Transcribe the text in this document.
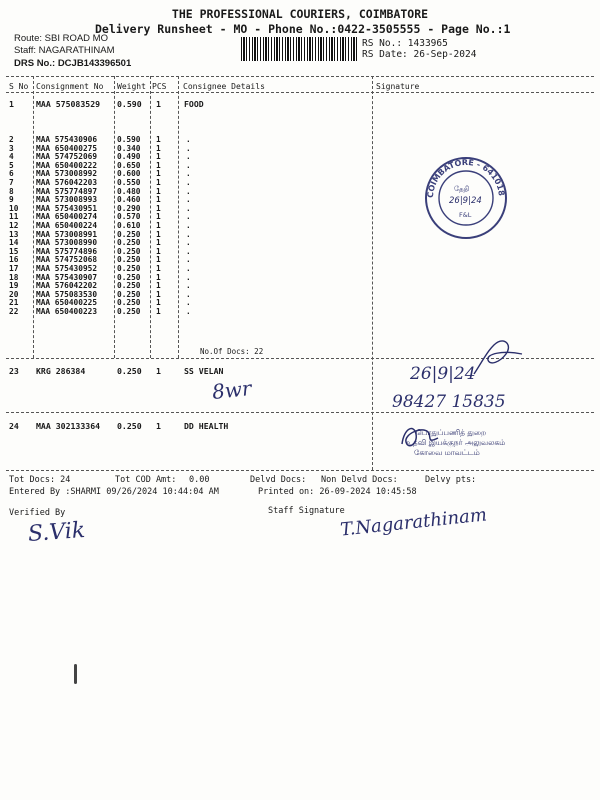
THE PROFESSIONAL COURIERS, COIMBATORE
Delivery Runsheet - MO - Phone No.:0422-3505555 - Page No.:1
Route: SBI ROAD MO
Staff: NAGARATHINAM
DRS No.: DCJB143396501
RS No.: 1433965
RS Date: 26-Sep-2024
S No Consignment No Weight PCS Consignee Details	Signature
1	MAA 575083529 0.590 1	FOOD
2	MAA 575430906	0.590 1	.
3	MAA 650400275	0.340 1	.
4	MAA 574752069	0.490 1	.
5	MAA 650400222	0.650 1	.
6	MAA 573008992	0.600 1	.
7	MAA 576042203	0.550 1	.
8	MAA 575774897	0.480 1	.
9	MAA 573008993	0.460 1	.
10 MAA 575430951	0.290 1	.
11 MAA 650400274	0.570 1	.
12 MAA 650400224	0.610 1	.
13 MAA 573008991	0.250 1	.
14 MAA 573008990	0.250 1	.
15 MAA 575774896	0.250 1	.
16 MAA 574752068	0.250 1	.
17 MAA 575430952	0.250 1	.
18 MAA 575430907	0.250 1	.
19 MAA 576042202	0.250 1	.
20 MAA 575083530	0.250 1	.
21 MAA 650400225	0.250 1	.
22 MAA 650400223	0.250 1	.
No.Of Docs: 22
COIMBATORE - 641018
தேதி
26|9|24
F&L
23 KRG 286384	0.250 1	SS VELAN
8wr
26|9|24
98427 15835
24 MAA 302133364 0.250 1	DD HEALTH
பொதுப்பணித் துறை
உதவி இயக்குநர் அலுவலகம்
கோவை மாவட்டம்
Tot Docs: 24	Tot COD Amt: 0.00	Delvd Docs: Non Delvd Docs:	Delvy pts:
Entered By :SHARMI 09/26/2024 10:44:04 AM	Printed on: 26-09-2024 10:45:58
Verified By	Staff Signature
S.Vik	T.Nagarathinam
